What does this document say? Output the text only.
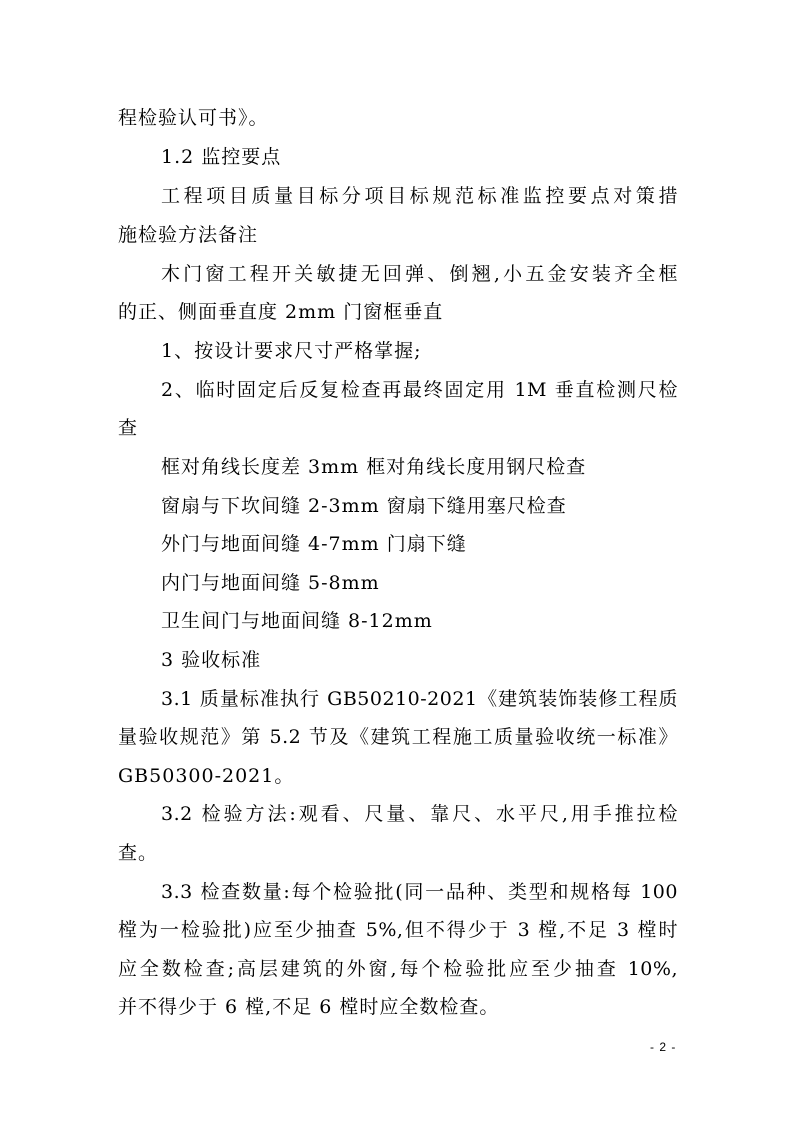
程检验认可书》。
1.2 监控要点
工程项目质量目标分项目标规范标准监控要点对策措
施检验方法备注
木门窗工程开关敏捷无回弹、倒翘,小五金安装齐全框
的正、侧面垂直度 2mm 门窗框垂直
1、按设计要求尺寸严格掌握;
2、临时固定后反复检查再最终固定用 1M 垂直检测尺检
查
框对角线长度差 3mm 框对角线长度用钢尺检查
窗扇与下坎间缝 2-3mm 窗扇下缝用塞尺检查
外门与地面间缝 4-7mm 门扇下缝
内门与地面间缝 5-8mm
卫生间门与地面间缝 8-12mm
3 验收标准
3.1 质量标准执行 GB50210-2021《建筑装饰装修工程质
量验收规范》第 5.2 节及《建筑工程施工质量验收统一标准》
GB50300-2021。
3.2 检验方法:观看、尺量、靠尺、水平尺,用手推拉检
查。
3.3 检查数量:每个检验批(同一品种、类型和规格每 100
樘为一检验批)应至少抽查 5%,但不得少于 3 樘,不足 3 樘时
应全数检查;高层建筑的外窗,每个检验批应至少抽查 10%,
并不得少于 6 樘,不足 6 樘时应全数检查。
- 2 -
